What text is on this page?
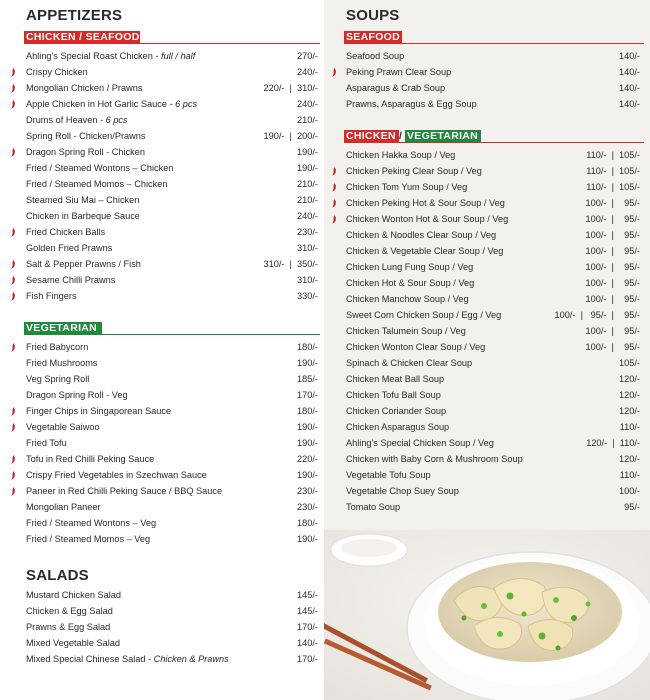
APPETIZERS
CHICKEN / SEAFOOD
Ahling's Special Roast Chicken - full / half	270/-
Crispy Chicken	240/-
Mongolian Chicken / Prawns	220/-  |  310/-
Apple Chicken in Hot Garlic Sauce - 6 pcs	240/-
Drums of Heaven - 6 pcs	210/-
Spring Roll - Chicken/Prawns	190/-  |  200/-
Dragon Spring Roll - Chicken	190/-
Fried / Steamed Wontons – Chicken	190/-
Fried / Steamed Momos – Chicken	210/-
Steamed Siu Mai – Chicken	210/-
Chicken in Barbeque Sauce	240/-
Fried Chicken Balls	230/-
Golden Fried Prawns	310/-
Salt & Pepper Prawns / Fish	310/-  |  350/-
Sesame Chilli Prawns	310/-
Fish Fingers	330/-
VEGETARIAN
Fried Babycorn	180/-
Fried Mushrooms	190/-
Veg Spring Roll	185/-
Dragon Spring Roll - Veg	170/-
Finger Chips in Singaporean Sauce	180/-
Vegetable Saiwoo	190/-
Fried Tofu	190/-
Tofu in Red Chilli Peking Sauce	220/-
Crispy Fried Vegetables in Szechwan Sauce	190/-
Paneer in Red Chilli Peking Sauce / BBQ Sauce	230/-
Mongolian Paneer	230/-
Fried / Steamed Wontons – Veg	180/-
Fried / Steamed Momos – Veg	190/-
SALADS
Mustard Chicken Salad	145/-
Chicken & Egg Salad	145/-
Prawns & Egg Salad	170/-
Mixed Vegetable Salad	140/-
Mixed Special Chinese Salad - Chicken & Prawns	170/-
SOUPS
SEAFOOD
Seafood Soup	140/-
Peking Prawn Clear Soup	140/-
Asparagus & Crab Soup	140/-
Prawns, Asparagus & Egg Soup	140/-
CHICKEN / VEGETARIAN
Chicken Hakka Soup / Veg	110/-  |  105/-
Chicken Peking Clear Soup / Veg	110/-  |  105/-
Chicken Tom Yum Soup / Veg	110/-  |  105/-
Chicken Peking Hot & Sour Soup / Veg	100/-  |    95/-
Chicken Wonton Hot & Sour Soup / Veg	100/-  |    95/-
Chicken & Noodles Clear Soup / Veg	100/-  |    95/-
Chicken & Vegetable Clear Soup / Veg	100/-  |    95/-
Chicken Lung Fung Soup / Veg	100/-  |    95/-
Chicken Hot & Sour Soup / Veg	100/-  |    95/-
Chicken Manchow Soup / Veg	100/-  |    95/-
Sweet Corn Chicken Soup / Egg / Veg	100/-  |   95/-  |    95/-
Chicken Talumein Soup / Veg	100/-  |    95/-
Chicken Wonton Clear Soup / Veg	100/-  |    95/-
Spinach & Chicken Clear Soup	105/-
Chicken Meat Ball Soup	120/-
Chicken Tofu Ball Soup	120/-
Chicken Coriander Soup	120/-
Chicken Asparagus Soup	110/-
Ahling's Special Chicken Soup / Veg	120/-  |  110/-
Chicken with Baby Corn & Mushroom Soup	120/-
Vegetable Tofu Soup	110/-
Vegetable Chop Suey Soup	100/-
Tomato Soup	95/-
